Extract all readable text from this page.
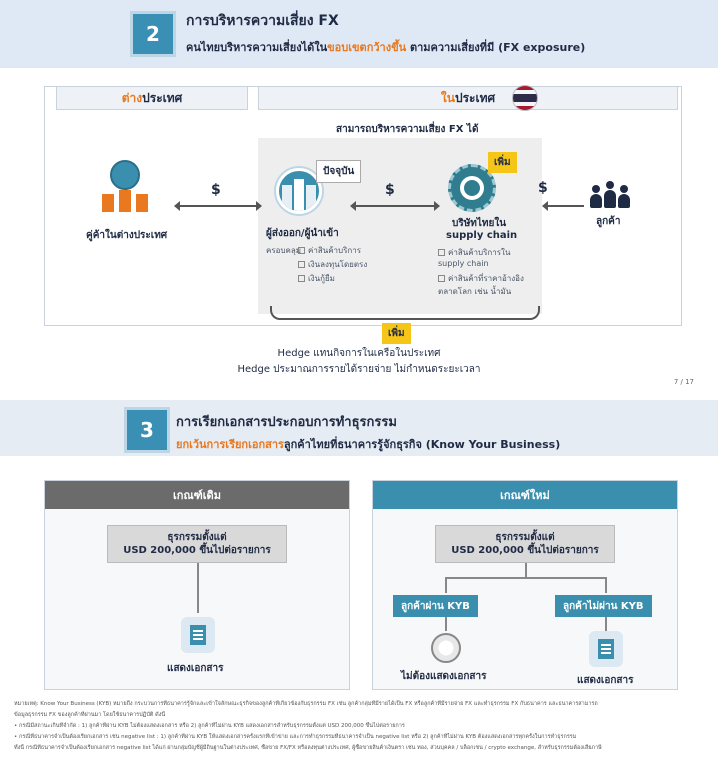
2
การบริหารความเสี่ยง FX
คนไทยบริหารความเสี่ยงได้ในขอบเขตกว้างขึ้น ตามความเสี่ยงที่มี (FX exposure)
ต่าง ประเทศ	ใน ประเทศ
สามารถบริหารความเสี่ยง FX ได้
คู่ค้าในต่างประเทศ
$
ปัจจุบัน
ผู้ส่งออก/ผู้นำเข้า
ครอบคลุม ค่าสินค้าบริการ
เงินลงทุนโดยตรง
เงินกู้ยืม
$
เพิ่ม
บริษัทไทยใน
supply chain
ค่าสินค้าบริการใน supply chain
ค่าสินค้าที่ราคาอ้างอิง ตลาดโลก เช่น น้ำมัน
$
ลูกค้า
เพิ่ม
Hedge แทนกิจการในเครือในประเทศ
Hedge ประมาณการรายได้รายจ่าย ไม่กำหนดระยะเวลา
7 / 17
3	การเรียกเอกสารประกอบการทำธุรกรรม
ยกเว้นการเรียกเอกสารลูกค้าไทยที่ธนาคารรู้จักธุรกิจ (Know Your Business)
เกณฑ์เดิม
ธุรกรรมตั้งแต่
USD 200,000 ขึ้นไปต่อรายการ
แสดงเอกสาร
เกณฑ์ใหม่
ธุรกรรมตั้งแต่
USD 200,000 ขึ้นไปต่อรายการ
ลูกค้าผ่าน KYB	ลูกค้าไม่ผ่าน KYB
ไม่ต้องแสดงเอกสาร	แสดงเอกสาร
หมายเหตุ: Know Your Business (KYB) หมายถึง กระบวนการที่ธนาคารรู้จักและเข้าใจลักษณะธุรกิจของลูกค้าที่เกี่ยวข้องกับธุรกรรม FX เช่น ลูกค้ากลุ่มที่มีรายได้เป็น FX หรือลูกค้าที่มีรายจ่าย FX และทำธุรกรรม FX กับธนาคาร และธนาคารสามารถ
ข้อมูลธุรกรรม FX ของลูกค้าที่ผ่านมา โดยใช้ธนาคารปฏิบัติ ดังนี้
• กรณีมีสถานะเกินที่จำกัด : 1) ลูกค้าที่ผ่าน KYB ไม่ต้องแสดงเอกสาร หรือ 2) ลูกค้าที่ไม่ผ่าน KYB แสดงเอกสารสำหรับธุรกรรมตั้งแต่ USD 200,000 ขึ้นไปต่อรายการ
• กรณีที่ธนาคารจำเป็นต้องเรียกเอกสาร เช่น negative list : 1) ลูกค้าที่ผ่าน KYB ให้แสดงเอกสารครั้งแรกที่เข้าข่าย และการทำธุรกรรมที่ธนาคารจำเป็น negative list หรือ 2) ลูกค้าที่ไม่ผ่าน KYB ต้องแสดงเอกสารทุกครั้งในการทำธุรกรรม
ทั้งนี้ กรณีที่ธนาคารจำเป็นต้องเรียกเอกสาร negative list ได้แก่ ผ่านกลุ่มบัญชีผู้มีถิ่นฐานในต่างประเทศ, ซื้อขาย FX/FX หรือลงทุนต่างประเทศ, ผู้ซื้อขายสินค้าเงินตรา เช่น ทอง, ส่วนบุคคล / บล็อกเชน / crypto exchange, สำหรับธุรกรรมต้องเสียภาษี
